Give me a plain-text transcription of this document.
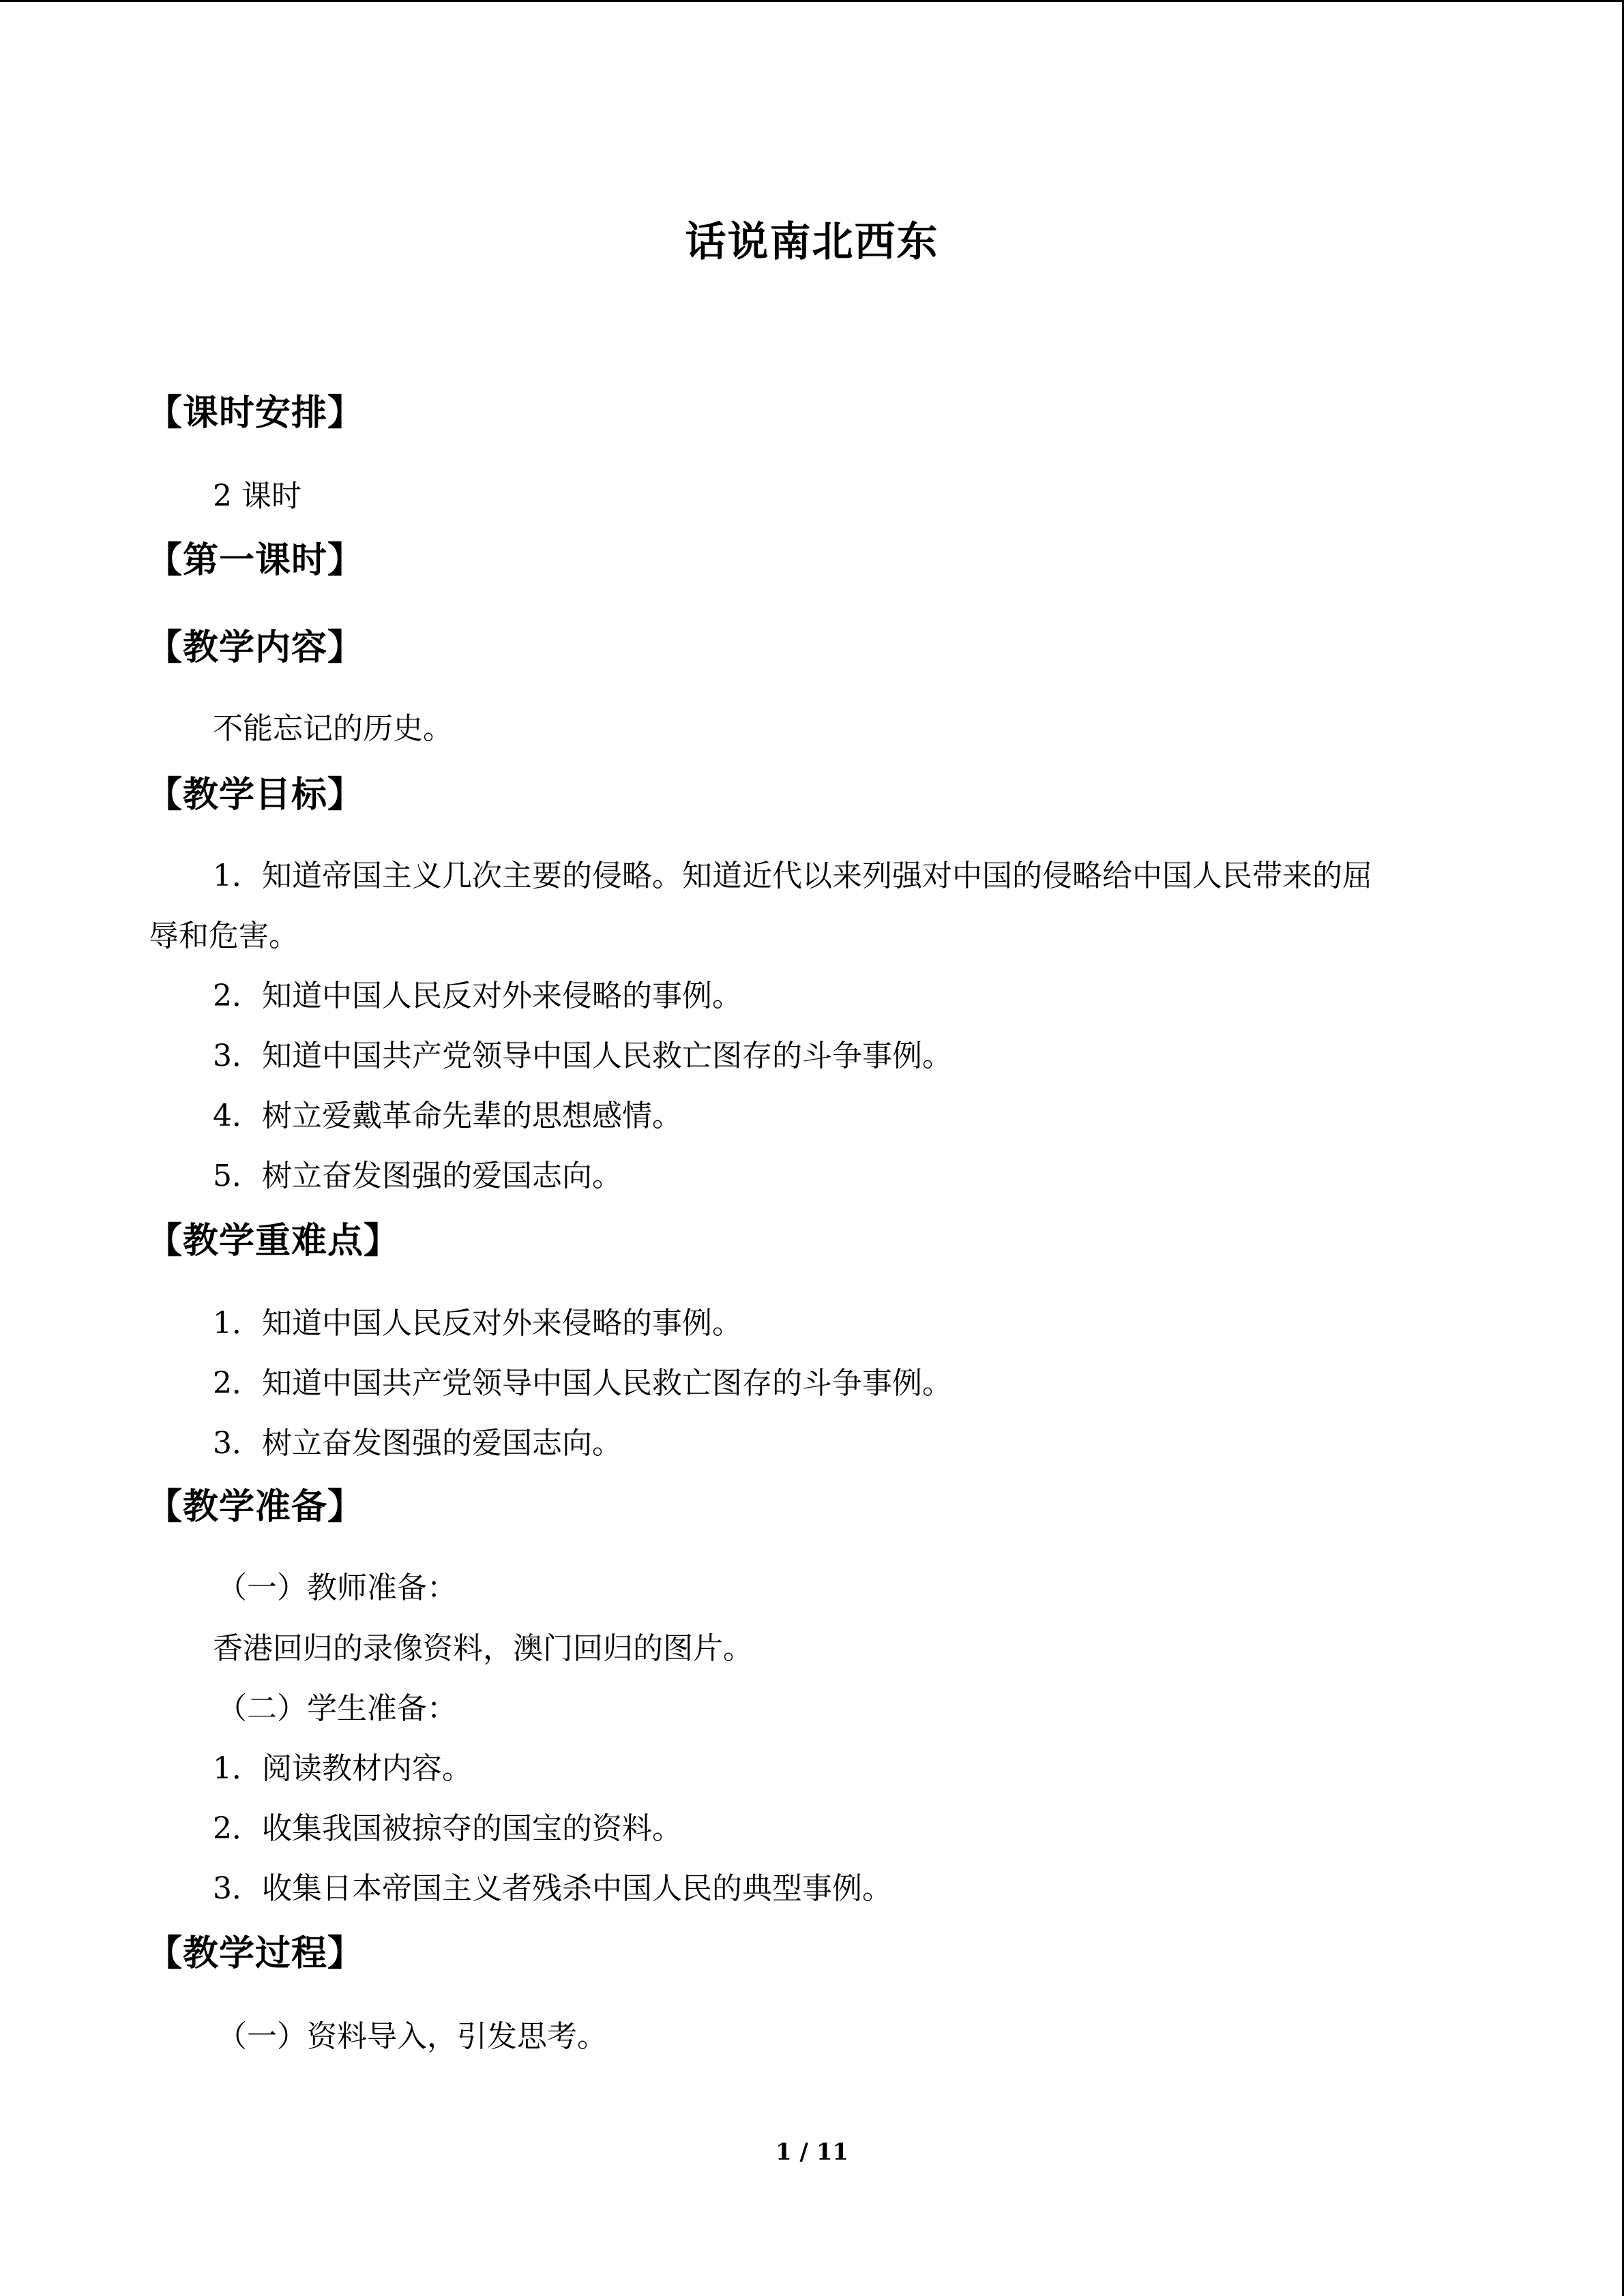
话说南北西东
【课时安排】
2 课时
【第一课时】
【教学内容】
不能忘记的历史。
【教学目标】
1．知道帝国主义几次主要的侵略。知道近代以来列强对中国的侵略给中国人民带来的屈
辱和危害。
2．知道中国人民反对外来侵略的事例。
3．知道中国共产党领导中国人民救亡图存的斗争事例。
4．树立爱戴革命先辈的思想感情。
5．树立奋发图强的爱国志向。
【教学重难点】
1．知道中国人民反对外来侵略的事例。
2．知道中国共产党领导中国人民救亡图存的斗争事例。
3．树立奋发图强的爱国志向。
【教学准备】
（一）教师准备：
香港回归的录像资料，澳门回归的图片。
（二）学生准备：
1．阅读教材内容。
2．收集我国被掠夺的国宝的资料。
3．收集日本帝国主义者残杀中国人民的典型事例。
【教学过程】
（一）资料导入，引发思考。
1 / 11
